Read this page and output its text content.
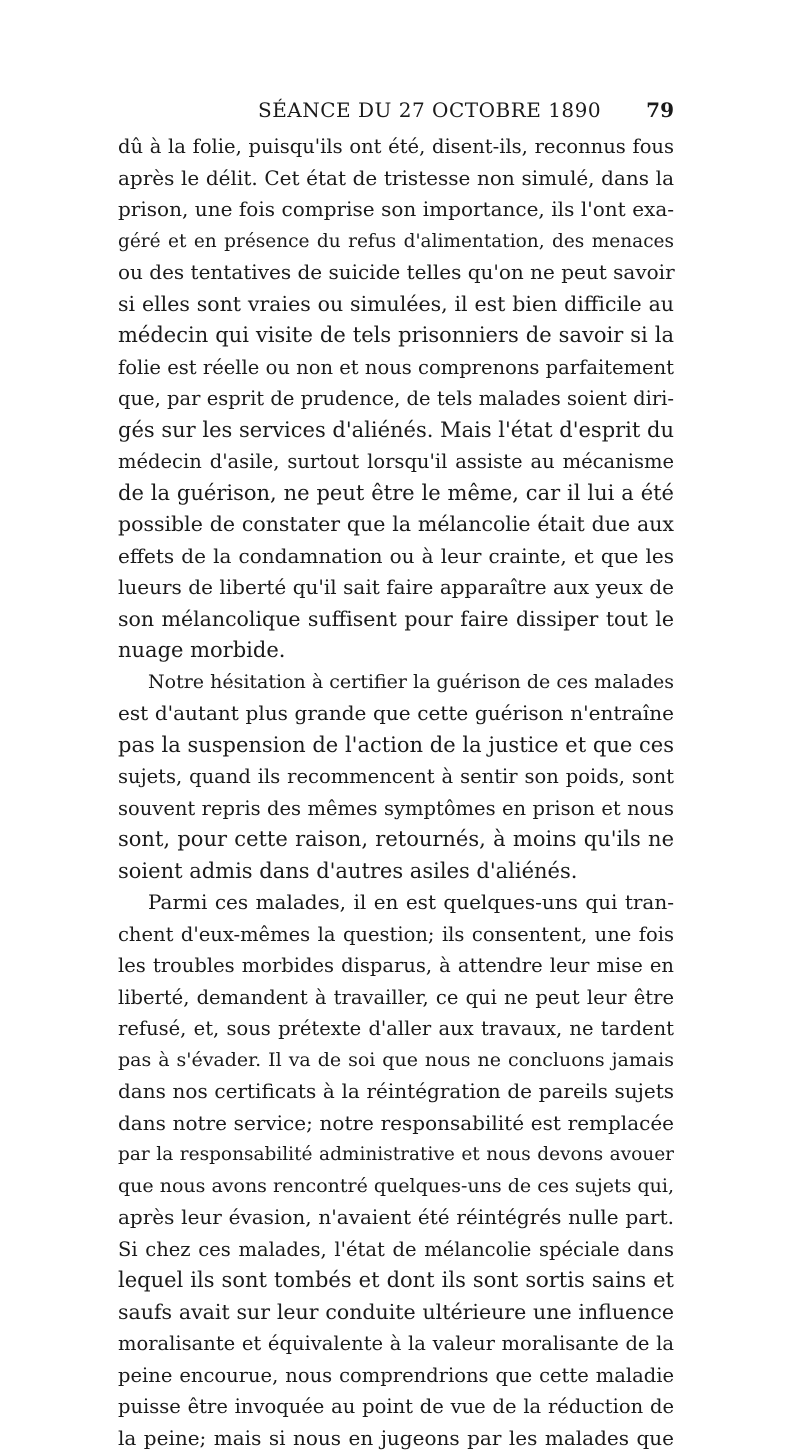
SÉANCE DU 27 OCTOBRE 1890 79
dû à la folie, puisqu'ils ont été, disent-ils, reconnus fous
après le délit. Cet état de tristesse non simulé, dans la
prison, une fois comprise son importance, ils l'ont exa-
géré et en présence du refus d'alimentation, des menaces
ou des tentatives de suicide telles qu'on ne peut savoir
si elles sont vraies ou simulées, il est bien difficile au
médecin qui visite de tels prisonniers de savoir si la
folie est réelle ou non et nous comprenons parfaitement
que, par esprit de prudence, de tels malades soient diri-
gés sur les services d'aliénés. Mais l'état d'esprit du
médecin d'asile, surtout lorsqu'il assiste au mécanisme
de la guérison, ne peut être le même, car il lui a été
possible de constater que la mélancolie était due aux
effets de la condamnation ou à leur crainte, et que les
lueurs de liberté qu'il sait faire apparaître aux yeux de
son mélancolique suffisent pour faire dissiper tout le
nuage morbide.
Notre hésitation à certifier la guérison de ces malades
est d'autant plus grande que cette guérison n'entraîne
pas la suspension de l'action de la justice et que ces
sujets, quand ils recommencent à sentir son poids, sont
souvent repris des mêmes symptômes en prison et nous
sont, pour cette raison, retournés, à moins qu'ils ne
soient admis dans d'autres asiles d'aliénés.
Parmi ces malades, il en est quelques-uns qui tran-
chent d'eux-mêmes la question; ils consentent, une fois
les troubles morbides disparus, à attendre leur mise en
liberté, demandent à travailler, ce qui ne peut leur être
refusé, et, sous prétexte d'aller aux travaux, ne tardent
pas à s'évader. Il va de soi que nous ne concluons jamais
dans nos certificats à la réintégration de pareils sujets
dans notre service; notre responsabilité est remplacée
par la responsabilité administrative et nous devons avouer
que nous avons rencontré quelques-uns de ces sujets qui,
après leur évasion, n'avaient été réintégrés nulle part.
Si chez ces malades, l'état de mélancolie spéciale dans
lequel ils sont tombés et dont ils sont sortis sains et
saufs avait sur leur conduite ultérieure une influence
moralisante et équivalente à la valeur moralisante de la
peine encourue, nous comprendrions que cette maladie
puisse être invoquée au point de vue de la réduction de
la peine; mais si nous en jugeons par les malades que
